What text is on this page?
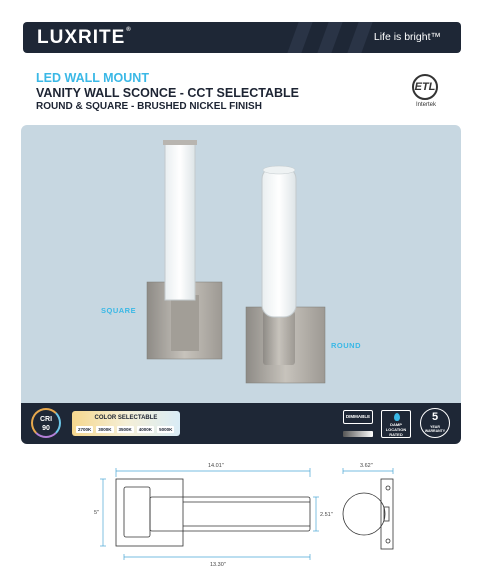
LUXRITE®
Life is bright™
LED WALL MOUNT
VANITY WALL SCONCE - CCT SELECTABLE
ROUND & SQUARE - BRUSHED NICKEL FINISH
ETL
Intertek
SQUARE
ROUND
CRI
90
COLOR SELECTABLE
2700K	3000K	3500K	4000K	5000K
DIMMABLE
DAMP
LOCATION
RATED
5
YEAR WARRANTY
14.01"
5"	2.51"
13.30"
3.62"
